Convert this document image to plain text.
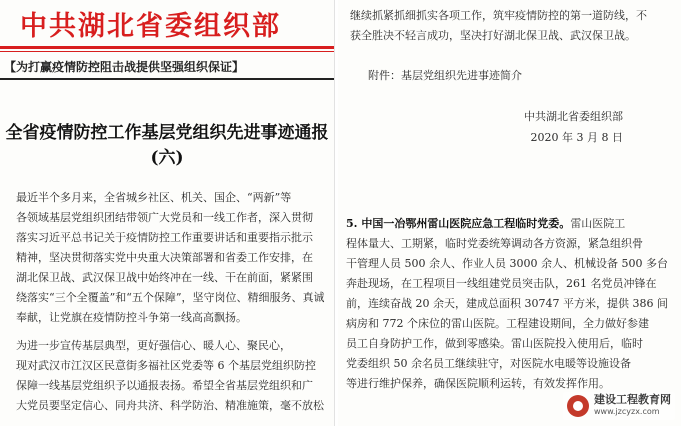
中共湖北省委组织部

【为打赢疫情防控阻击战提供坚强组织保证】

全省疫情防控工作基层党组织先进事迹通报
(六)

最近半个多月来，全省城乡社区、机关、国企、“两新”等
各领域基层党组织团结带领广大党员和一线工作者，深入贯彻
落实习近平总书记关于疫情防控工作重要讲话和重要指示批示
精神，坚决贯彻落实党中央重大决策部署和省委工作安排，在
湖北保卫战、武汉保卫战中始终冲在一线、干在前面，紧紧围
绕落实“三个全覆盖”和“五个保障”，坚守岗位、精细服务、真诚
奉献，让党旗在疫情防控斗争第一线高高飘扬。

为进一步宣传基层典型，更好强信心、暖人心、聚民心，
现对武汉市江汉区民意街多福社区党委等 6 个基层党组织防控
保障一线基层党组织予以通报表扬。希望全省基层党组织和广
大党员要坚定信心、同舟共济、科学防治、精准施策，毫不放松

继续抓紧抓细抓实各项工作，筑牢疫情防控的第一道防线，不
获全胜决不轻言成功，坚决打好湖北保卫战、武汉保卫战。

附件：基层党组织先进事迹简介

中共湖北省委组织部

2020 年 3 月 8 日

5. 中国一冶鄂州雷山医院应急工程临时党委。雷山医院工
程体量大、工期紧，临时党委统筹调动各方资源，紧急组织骨
干管理人员 500 余人、作业人员 3000 余人、机械设备 500 多台
奔赴现场，在工程项目一线组建党员突击队，261 名党员冲锋在
前，连续奋战 20 余天，建成总面积 30747 平方米，提供 386 间
病房和 772 个床位的雷山医院。工程建设期间，全力做好参建
员工自身防护工作，做到零感染。雷山医院投入使用后，临时
党委组织 50 余名员工继续驻守，对医院水电暖等设施设备
等进行维护保养，确保医院顺利运转，有效发挥作用。

建设工程教育网
www.jzcyzx.com
